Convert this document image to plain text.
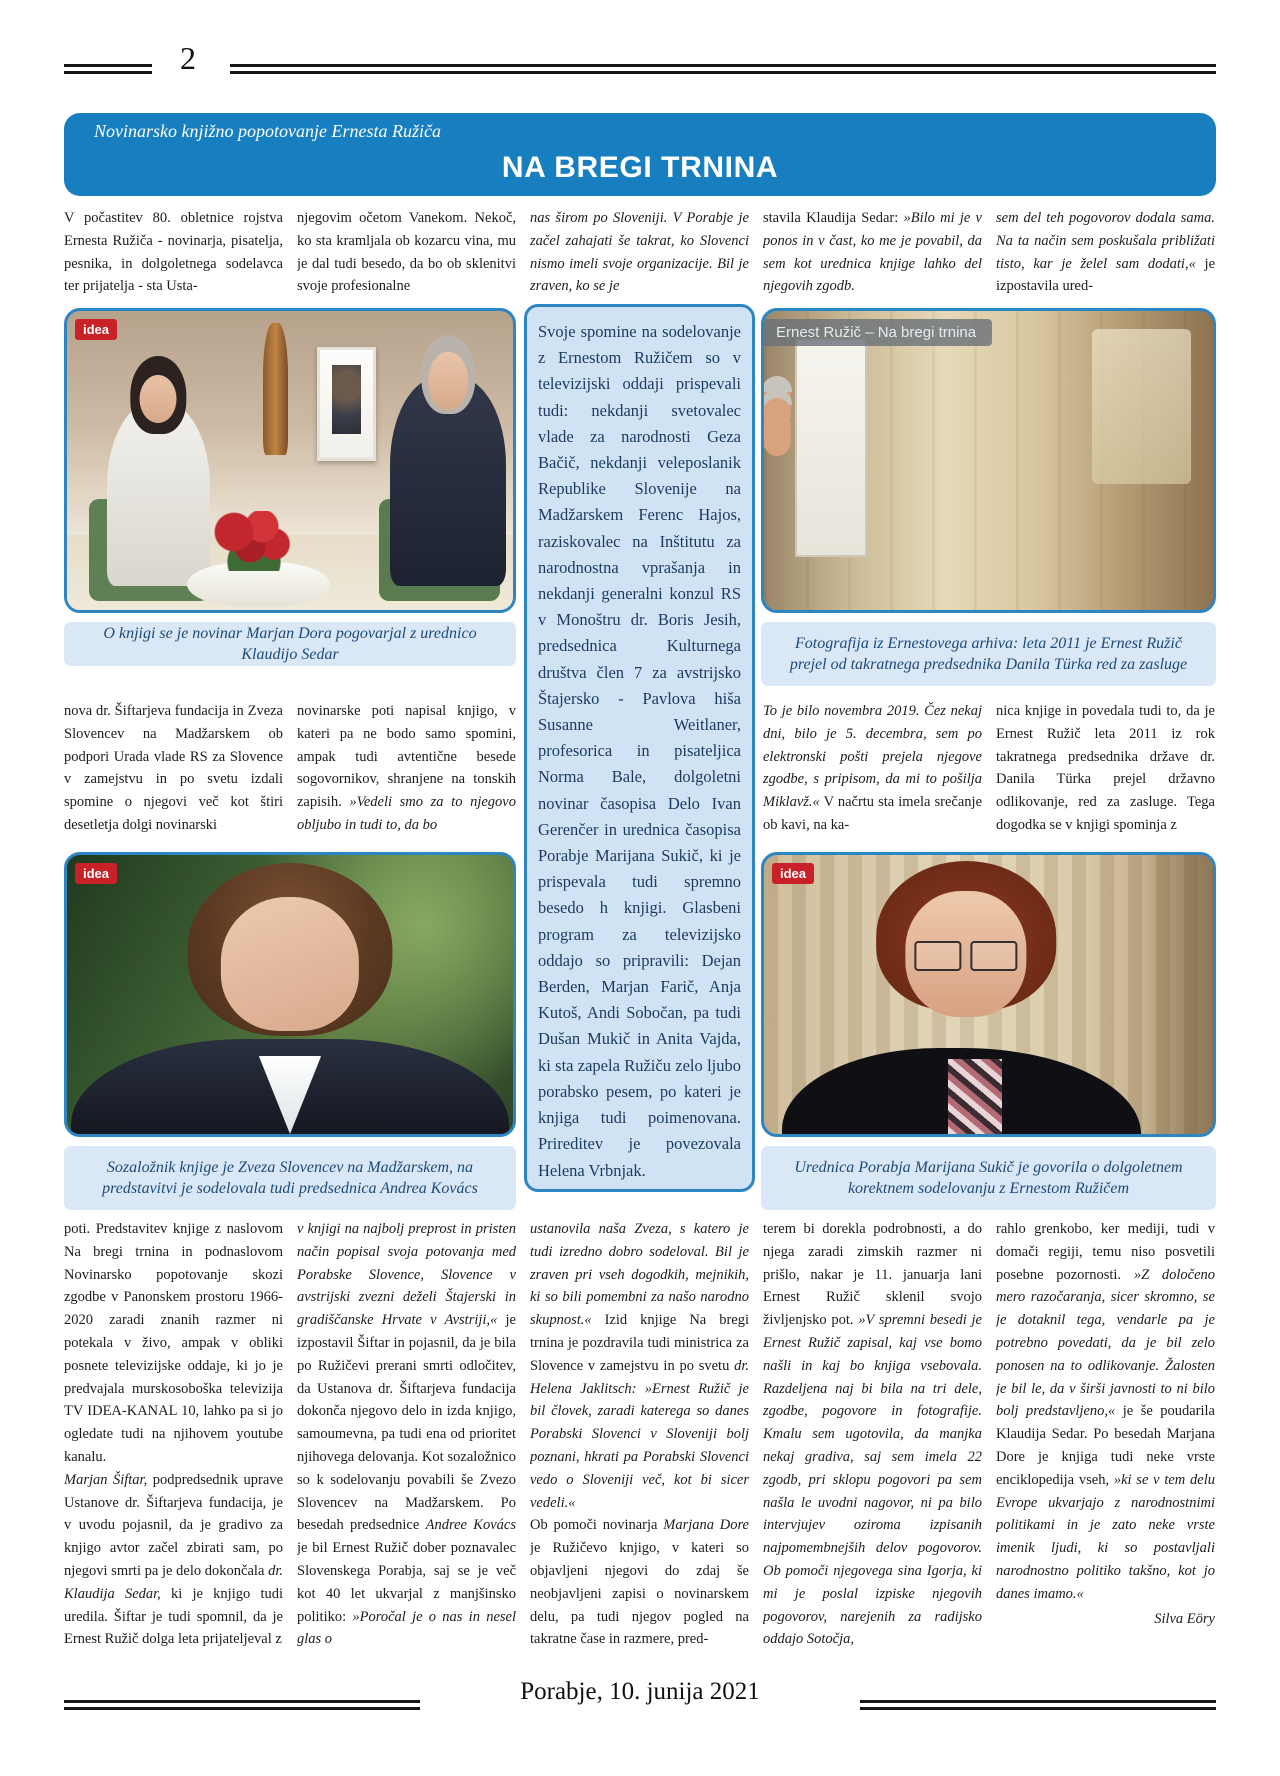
2
Novinarsko knjižno popotovanje Ernesta Ružiča
NA BREGI TRNINA
V počastitev 80. obletnice rojstva Ernesta Ružiča - novinarja, pisatelja, pesnika, in dolgoletnega sodelavca ter prijatelja - sta Usta-
njegovim očetom Vanekom. Nekoč, ko sta kramljala ob kozarcu vina, mu je dal tudi besedo, da bo ob sklenitvi svoje profesionalne
nas širom po Sloveniji. V Porabje je začel zahajati še takrat, ko Slovenci nismo imeli svoje organizacije. Bil je zraven, ko se je
stavila Klaudija Sedar: »Bilo mi je v ponos in v čast, ko me je povabil, da sem kot urednica knjige lahko del njegovih zgodb.
sem del teh pogovorov dodala sama. Na ta način sem poskušala približati tisto, kar je želel sam dodati,« je izpostavila ured-
idea
O knjigi se je novinar Marjan Dora pogovarjal z urednico Klaudijo Sedar
Ernest Ružič – Na bregi trnina
Fotografija iz Ernestovega arhiva: leta 2011 je Ernest Ružič prejel od takratnega predsednika Danila Türka red za zasluge
nova dr. Šiftarjeva fundacija in Zveza Slovencev na Madžarskem ob podpori Urada vlade RS za Slovence v zamejstvu in po svetu izdali spomine o njegovi več kot štiri desetletja dolgi novinarski
novinarske poti napisal knjigo, v kateri pa ne bodo samo spomini, ampak tudi avtentične besede sogovornikov, shranjene na tonskih zapisih. »Vedeli smo za to njegovo obljubo in tudi to, da bo
To je bilo novembra 2019. Čez nekaj dni, bilo je 5. decembra, sem po elektronski pošti prejela njegove zgodbe, s pripisom, da mi to pošilja Miklavž.« V načrtu sta imela srečanje ob kavi, na ka-
nica knjige in povedala tudi to, da je Ernest Ružič leta 2011 iz rok takratnega predsednika države dr. Danila Türka prejel državno odlikovanje, red za zasluge. Tega dogodka se v knjigi spominja z
Svoje spomine na sodelovanje z Ernestom Ružičem so v televizijski oddaji prispevali tudi: nekdanji svetovalec vlade za narodnosti Geza Bačič, nekdanji veleposlanik Republike Slovenije na Madžarskem Ferenc Hajos, raziskovalec na Inštitutu za narodnostna vprašanja in nekdanji generalni konzul RS v Monoštru dr. Boris Jesih, predsednica Kulturnega društva člen 7 za avstrijsko Štajersko - Pavlova hiša Susanne Weitlaner, profesorica in pisateljica Norma Bale, dolgoletni novinar časopisa Delo Ivan Gerenčer in urednica časopisa Porabje Marijana Sukič, ki je prispevala tudi spremno besedo h knjigi. Glasbeni program za televizijsko oddajo so pripravili: Dejan Berden, Marjan Farič, Anja Kutoš, Andi Sobočan, pa tudi Dušan Mukič in Anita Vajda, ki sta zapela Ružiču zelo ljubo porabsko pesem, po kateri je knjiga tudi poimenovana. Prireditev je povezovala Helena Vrbnjak.
idea
Sozaložnik knjige je Zveza Slovencev na Madžarskem, na predstavitvi je sodelovala tudi predsednica Andrea Kovács
idea
Urednica Porabja Marijana Sukič je govorila o dolgoletnem korektnem sodelovanju z Ernestom Ružičem
poti. Predstavitev knjige z naslovom Na bregi trnina in podnaslovom Novinarsko popotovanje skozi zgodbe v Panonskem prostoru 1966-2020 zaradi znanih razmer ni potekala v živo, ampak v obliki posnete televizijske oddaje, ki jo je predvajala murskosoboška televizija TV IDEA-KANAL 10, lahko pa si jo ogledate tudi na njihovem youtube kanalu.
Marjan Šiftar, podpredsednik uprave Ustanove dr. Šiftarjeva fundacija, je v uvodu pojasnil, da je gradivo za knjigo avtor začel zbirati sam, po njegovi smrti pa je delo dokončala dr. Klaudija Sedar, ki je knjigo tudi uredila. Šiftar je tudi spomnil, da je Ernest Ružič dolga leta prijateljeval z
v knjigi na najbolj preprost in pristen način popisal svoja potovanja med Porabske Slovence, Slovence v avstrijski zvezni deželi Štajerski in gradiščanske Hrvate v Avstriji,« je izpostavil Šiftar in pojasnil, da je bila po Ružičevi prerani smrti odločitev, da Ustanova dr. Šiftarjeva fundacija dokonča njegovo delo in izda knjigo, samoumevna, pa tudi ena od prioritet njihovega delovanja. Kot sozaložnico so k sodelovanju povabili še Zvezo Slovencev na Madžarskem. Po besedah predsednice Andree Kovács je bil Ernest Ružič dober poznavalec Slovenskega Porabja, saj se je več kot 40 let ukvarjal z manjšinsko politiko: »Poročal je o nas in nesel glas o
ustanovila naša Zveza, s katero je tudi izredno dobro sodeloval. Bil je zraven pri vseh dogodkih, mejnikih, ki so bili pomembni za našo narodno skupnost.« Izid knjige Na bregi trnina je pozdravila tudi ministrica za Slovence v zamejstvu in po svetu dr. Helena Jaklitsch: »Ernest Ružič je bil človek, zaradi katerega so danes Porabski Slovenci v Sloveniji bolj poznani, hkrati pa Porabski Slovenci vedo o Sloveniji več, kot bi sicer vedeli.«
Ob pomoči novinarja Marjana Dore je Ružičevo knjigo, v kateri so objavljeni njegovi do zdaj še neobjavljeni zapisi o novinarskem delu, pa tudi njegov pogled na takratne čase in razmere, pred-
terem bi dorekla podrobnosti, a do njega zaradi zimskih razmer ni prišlo, nakar je 11. januarja lani Ernest Ružič sklenil svojo življenjsko pot. »V spremni besedi je Ernest Ružič zapisal, kaj vse bomo našli in kaj bo knjiga vsebovala. Razdeljena naj bi bila na tri dele, zgodbe, pogovore in fotografije. Kmalu sem ugotovila, da manjka nekaj gradiva, saj sem imela 22 zgodb, pri sklopu pogovori pa sem našla le uvodni nagovor, ni pa bilo intervjujev oziroma izpisanih najpomembnejših delov pogovorov. Ob pomoči njegovega sina Igorja, ki mi je poslal izpiske njegovih pogovorov, narejenih za radijsko oddajo Sotočja,
rahlo grenkobo, ker mediji, tudi v domači regiji, temu niso posvetili posebne pozornosti. »Z določeno mero razočaranja, sicer skromno, se je dotaknil tega, vendarle pa je potrebno povedati, da je bil zelo ponosen na to odlikovanje. Žalosten je bil le, da v širši javnosti to ni bilo bolj predstavljeno,« je še poudarila Klaudija Sedar. Po besedah Marjana Dore je knjiga tudi neke vrste enciklopedija vseh, »ki se v tem delu Evrope ukvarjajo z narodnostnimi politikami in je zato neke vrste imenik ljudi, ki so postavljali narodnostno politiko takšno, kot jo danes imamo.«
Silva Eöry
Porabje, 10. junija 2021
